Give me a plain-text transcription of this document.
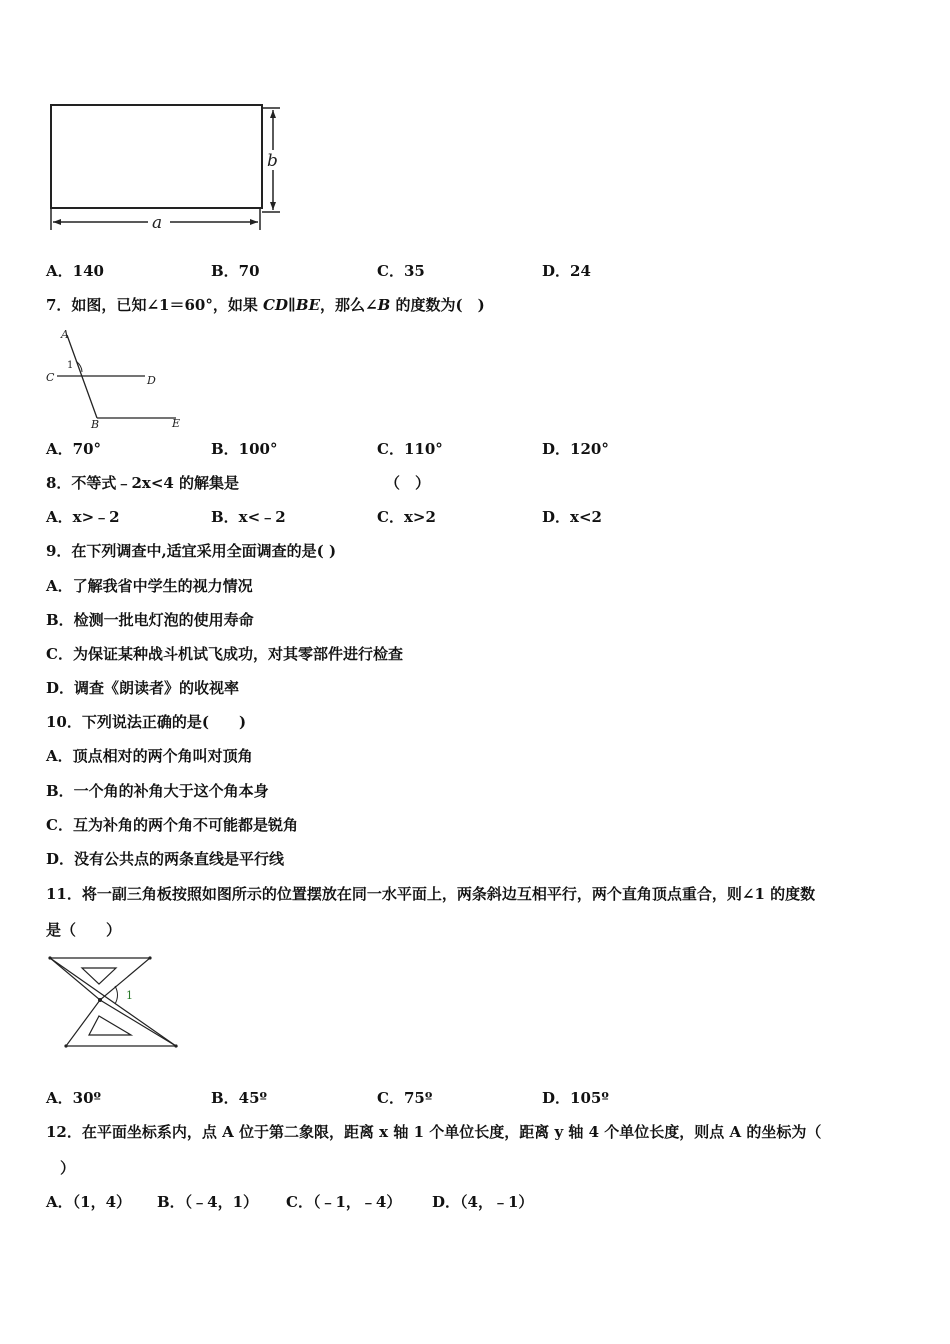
a
b
A．140	B．70	C．35	D．24
7．如图，已知∠1＝60°，如果 CD∥BE，那么∠B 的度数为(　)
A
1
C	D
B	E
A．70°	B．100°	C．110°	D．120°
8．不等式﹣2x<4 的解集是	（　）
A．x>﹣2	B．x<﹣2	C．x>2	D．x<2
9．在下列调查中,适宜采用全面调查的是( )
A．了解我省中学生的视力情况
B．检测一批电灯泡的使用寿命
C．为保证某种战斗机试飞成功，对其零部件进行检查
D．调查《朗读者》的收视率
10．下列说法正确的是(　　)
A．顶点相对的两个角叫对顶角
B．一个角的补角大于这个角本身
C．互为补角的两个角不可能都是锐角
D．没有公共点的两条直线是平行线
11．将一副三角板按照如图所示的位置摆放在同一水平面上，两条斜边互相平行，两个直角顶点重合，则∠1 的度数
是（　　）
1
A．30º	B．45º	C．75º	D．105º
12．在平面坐标系内，点 A 位于第二象限，距离 x 轴 1 个单位长度，距离 y 轴 4 个单位长度，则点 A 的坐标为（
）
A．（1，4） B．（﹣4，1） C．（﹣1，﹣4） D．（4，﹣1）
